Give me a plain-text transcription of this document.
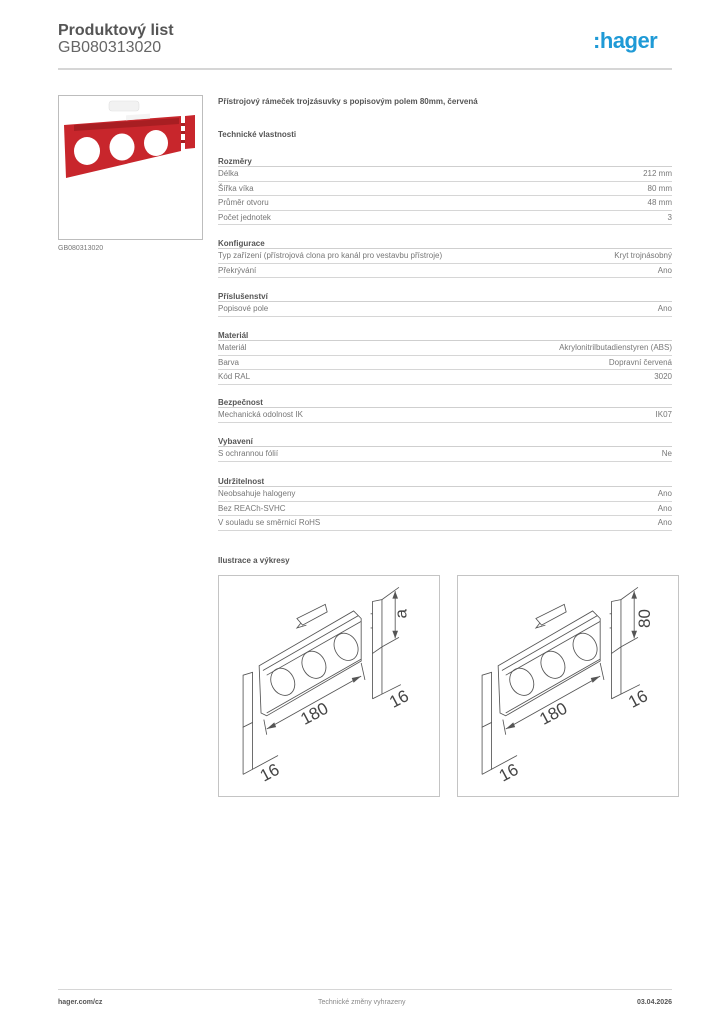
Produktový list
GB080313020	:hager
GB080313020
Přístrojový rámeček trojzásuvky s popisovým polem 80mm, červená
Technické vlastnosti
Rozměry
Délka	212 mm
Šířka víka	80 mm
Průměr otvoru	48 mm
Počet jednotek	3
Konfigurace
Typ zařízení (přístrojová clona pro kanál pro vestavbu přístroje)	Kryt trojnásobný
Překrývání	Ano
Příslušenství
Popisové pole	Ano
Materiál
Materiál	Akrylonitrilbutadienstyren (ABS)
Barva	Dopravní červená
Kód RAL	3020
Bezpečnost
Mechanická odolnost IK	IK07
Vybavení
S ochrannou fólií	Ne
Udržitelnost
Neobsahuje halogeny	Ano
Bez REACh-SVHC	Ano
V souladu se směrnicí RoHS	Ano
Ilustrace a výkresy
a
180	16
16
80
180	16
16
hager.com/cz	Technické změny vyhrazeny	03.04.2026
